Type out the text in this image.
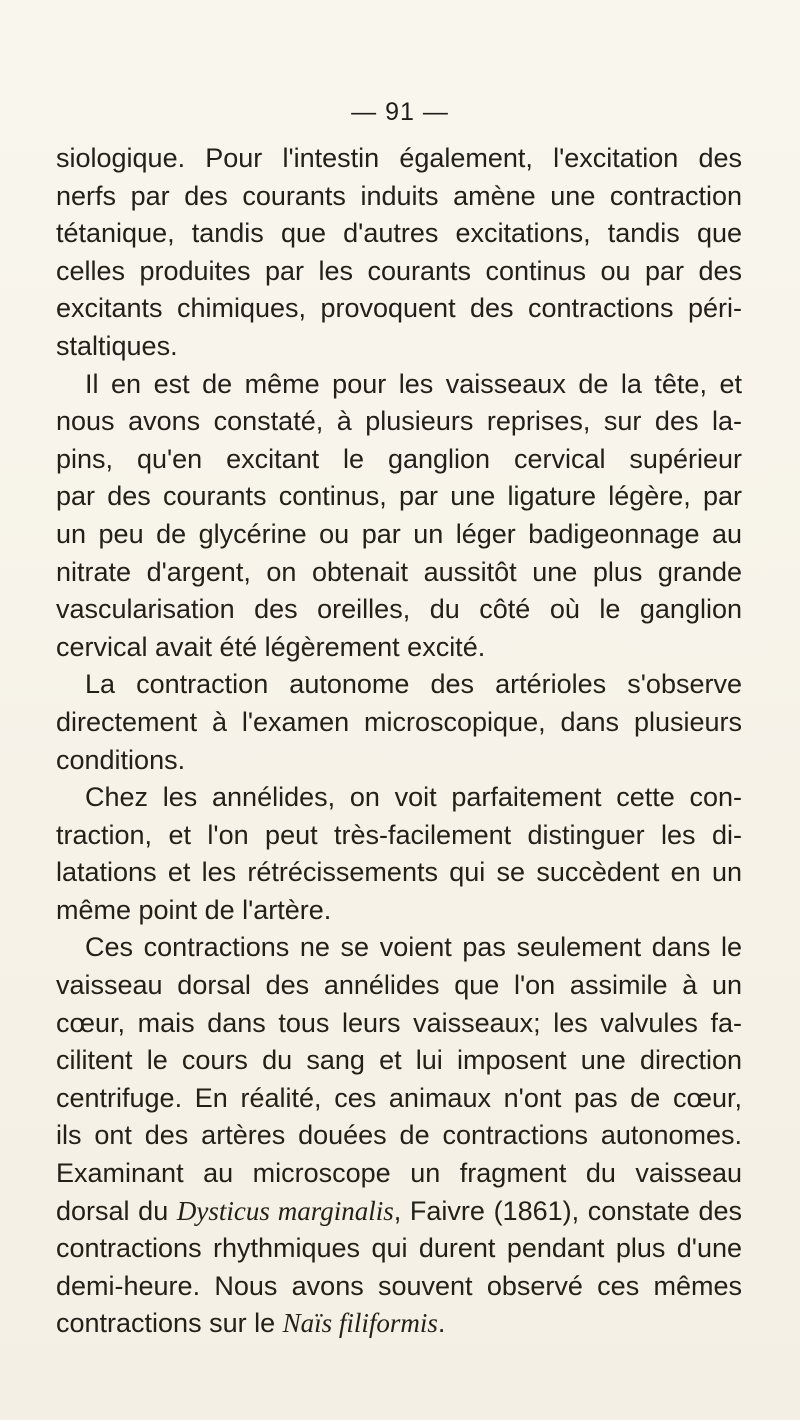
— 91 —
siologique. Pour l'intestin également, l'excitation des
nerfs par des courants induits amène une contraction
tétanique, tandis que d'autres excitations, tandis que
celles produites par les courants continus ou par des
excitants chimiques, provoquent des contractions péri-
staltiques.
Il en est de même pour les vaisseaux de la tête, et
nous avons constaté, à plusieurs reprises, sur des la-
pins, qu'en excitant le ganglion cervical supérieur
par des courants continus, par une ligature légère, par
un peu de glycérine ou par un léger badigeonnage au
nitrate d'argent, on obtenait aussitôt une plus grande
vascularisation des oreilles, du côté où le ganglion
cervical avait été légèrement excité.
La contraction autonome des artérioles s'observe
directement à l'examen microscopique, dans plusieurs
conditions.
Chez les annélides, on voit parfaitement cette con-
traction, et l'on peut très-facilement distinguer les di-
latations et les rétrécissements qui se succèdent en un
même point de l'artère.
Ces contractions ne se voient pas seulement dans le
vaisseau dorsal des annélides que l'on assimile à un
cœur, mais dans tous leurs vaisseaux; les valvules fa-
cilitent le cours du sang et lui imposent une direction
centrifuge. En réalité, ces animaux n'ont pas de cœur,
ils ont des artères douées de contractions autonomes.
Examinant au microscope un fragment du vaisseau
dorsal du Dysticus marginalis, Faivre (1861), constate des
contractions rhythmiques qui durent pendant plus d'une
demi-heure. Nous avons souvent observé ces mêmes
contractions sur le Naïs filiformis.
